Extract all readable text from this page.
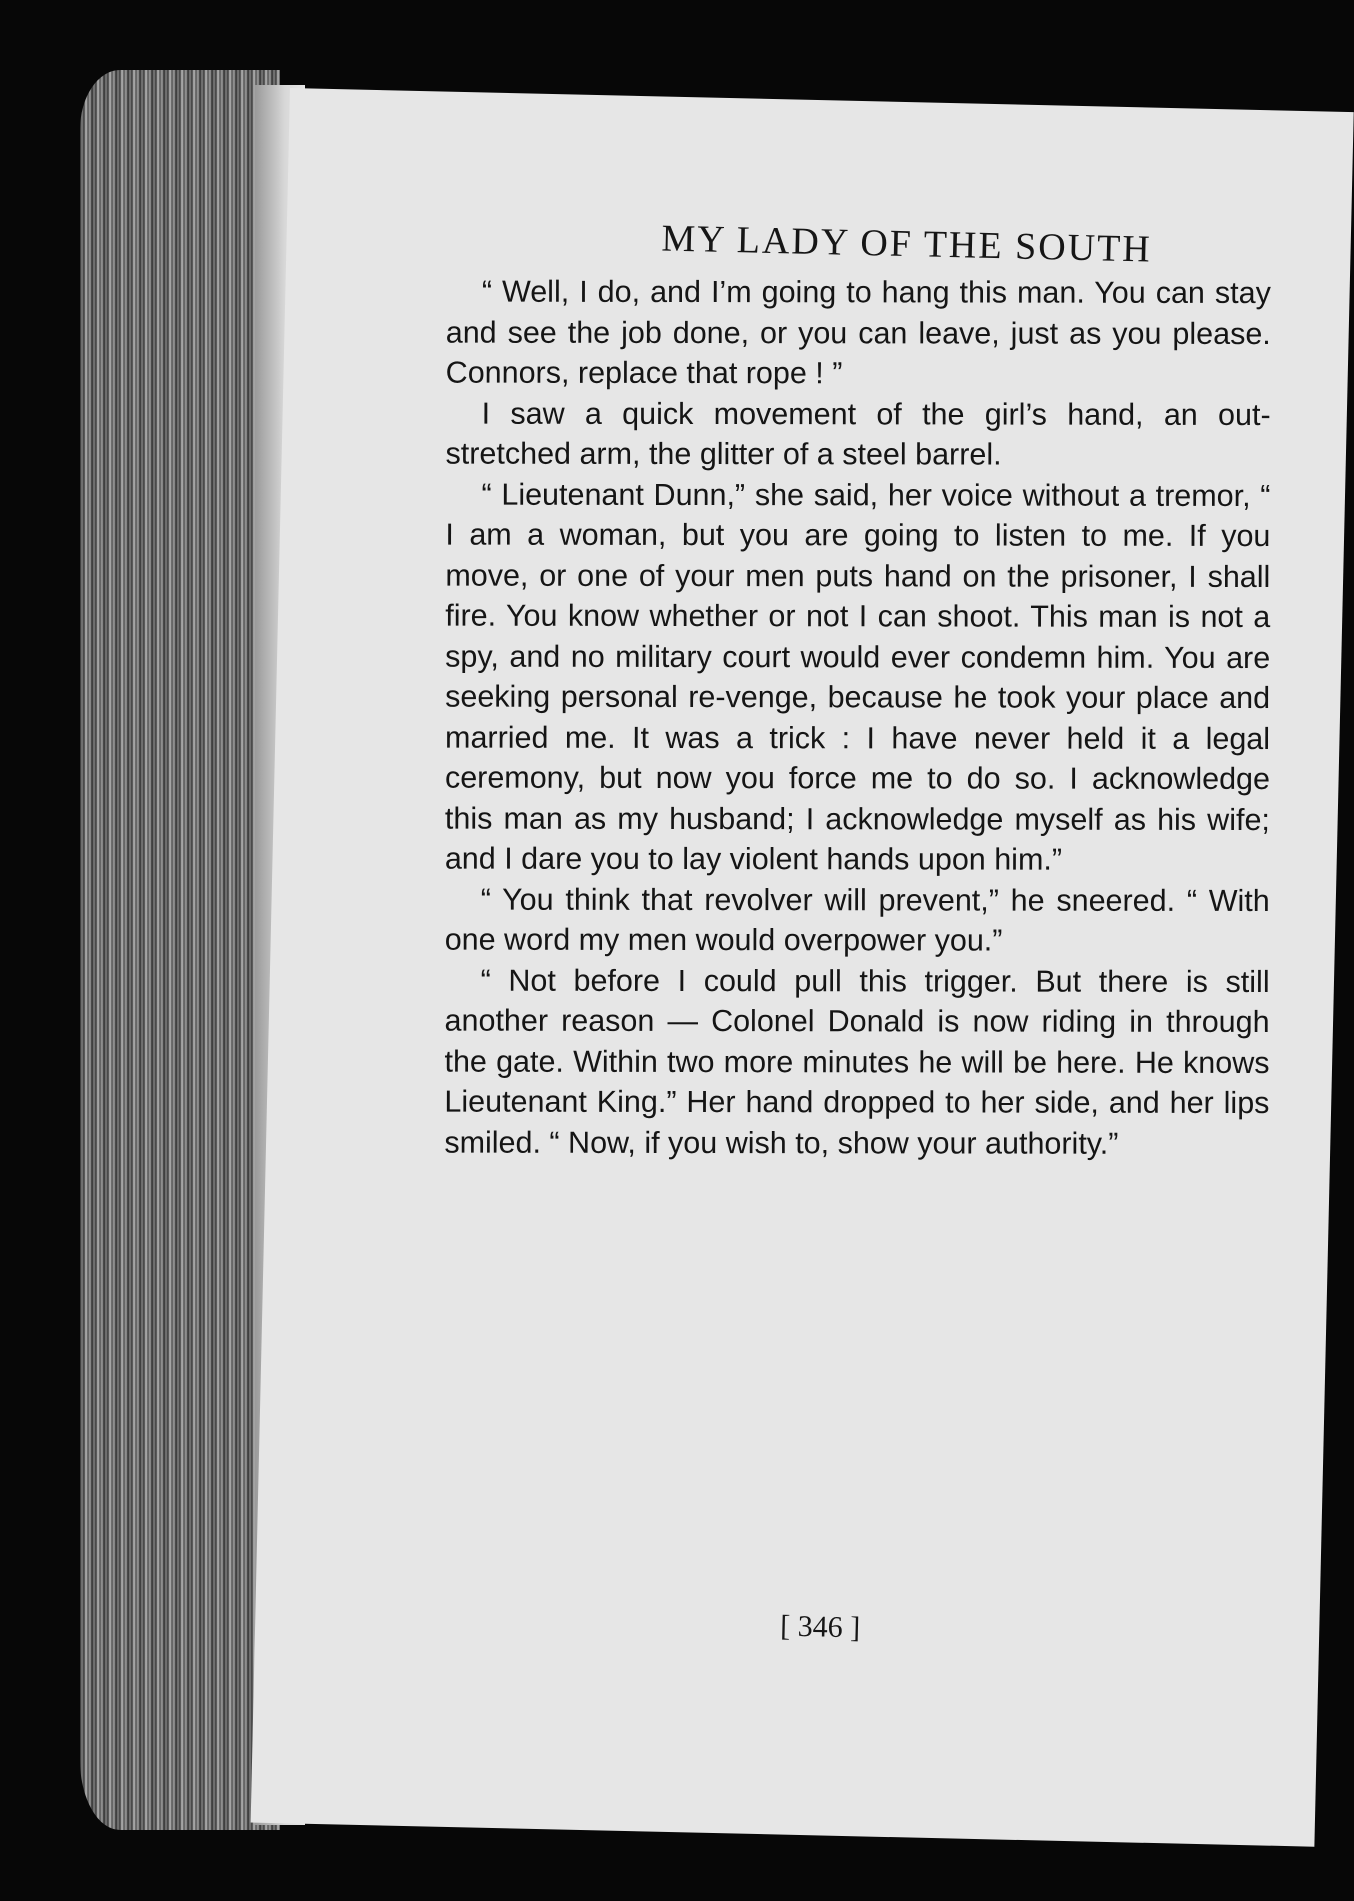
MY LADY OF THE SOUTH

“ Well, I do, and I’m going to hang this man. You can stay and see the job done, or you can leave, just as you please. Connors, replace that rope ! ”

I saw a quick movement of the girl’s hand, an out-stretched arm, the glitter of a steel barrel.

“ Lieutenant Dunn,” she said, her voice without a tremor, “ I am a woman, but you are going to listen to me. If you move, or one of your men puts hand on the prisoner, I shall fire. You know whether or not I can shoot. This man is not a spy, and no military court would ever condemn him. You are seeking personal re-venge, because he took your place and married me. It was a trick : I have never held it a legal ceremony, but now you force me to do so. I acknowledge this man as my husband; I acknowledge myself as his wife; and I dare you to lay violent hands upon him.”

“ You think that revolver will prevent,” he sneered. “ With one word my men would overpower you.”

“ Not before I could pull this trigger. But there is still another reason — Colonel Donald is now riding in through the gate. Within two more minutes he will be here. He knows Lieutenant King.” Her hand dropped to her side, and her lips smiled. “ Now, if you wish to, show your authority.”

[ 346 ]
